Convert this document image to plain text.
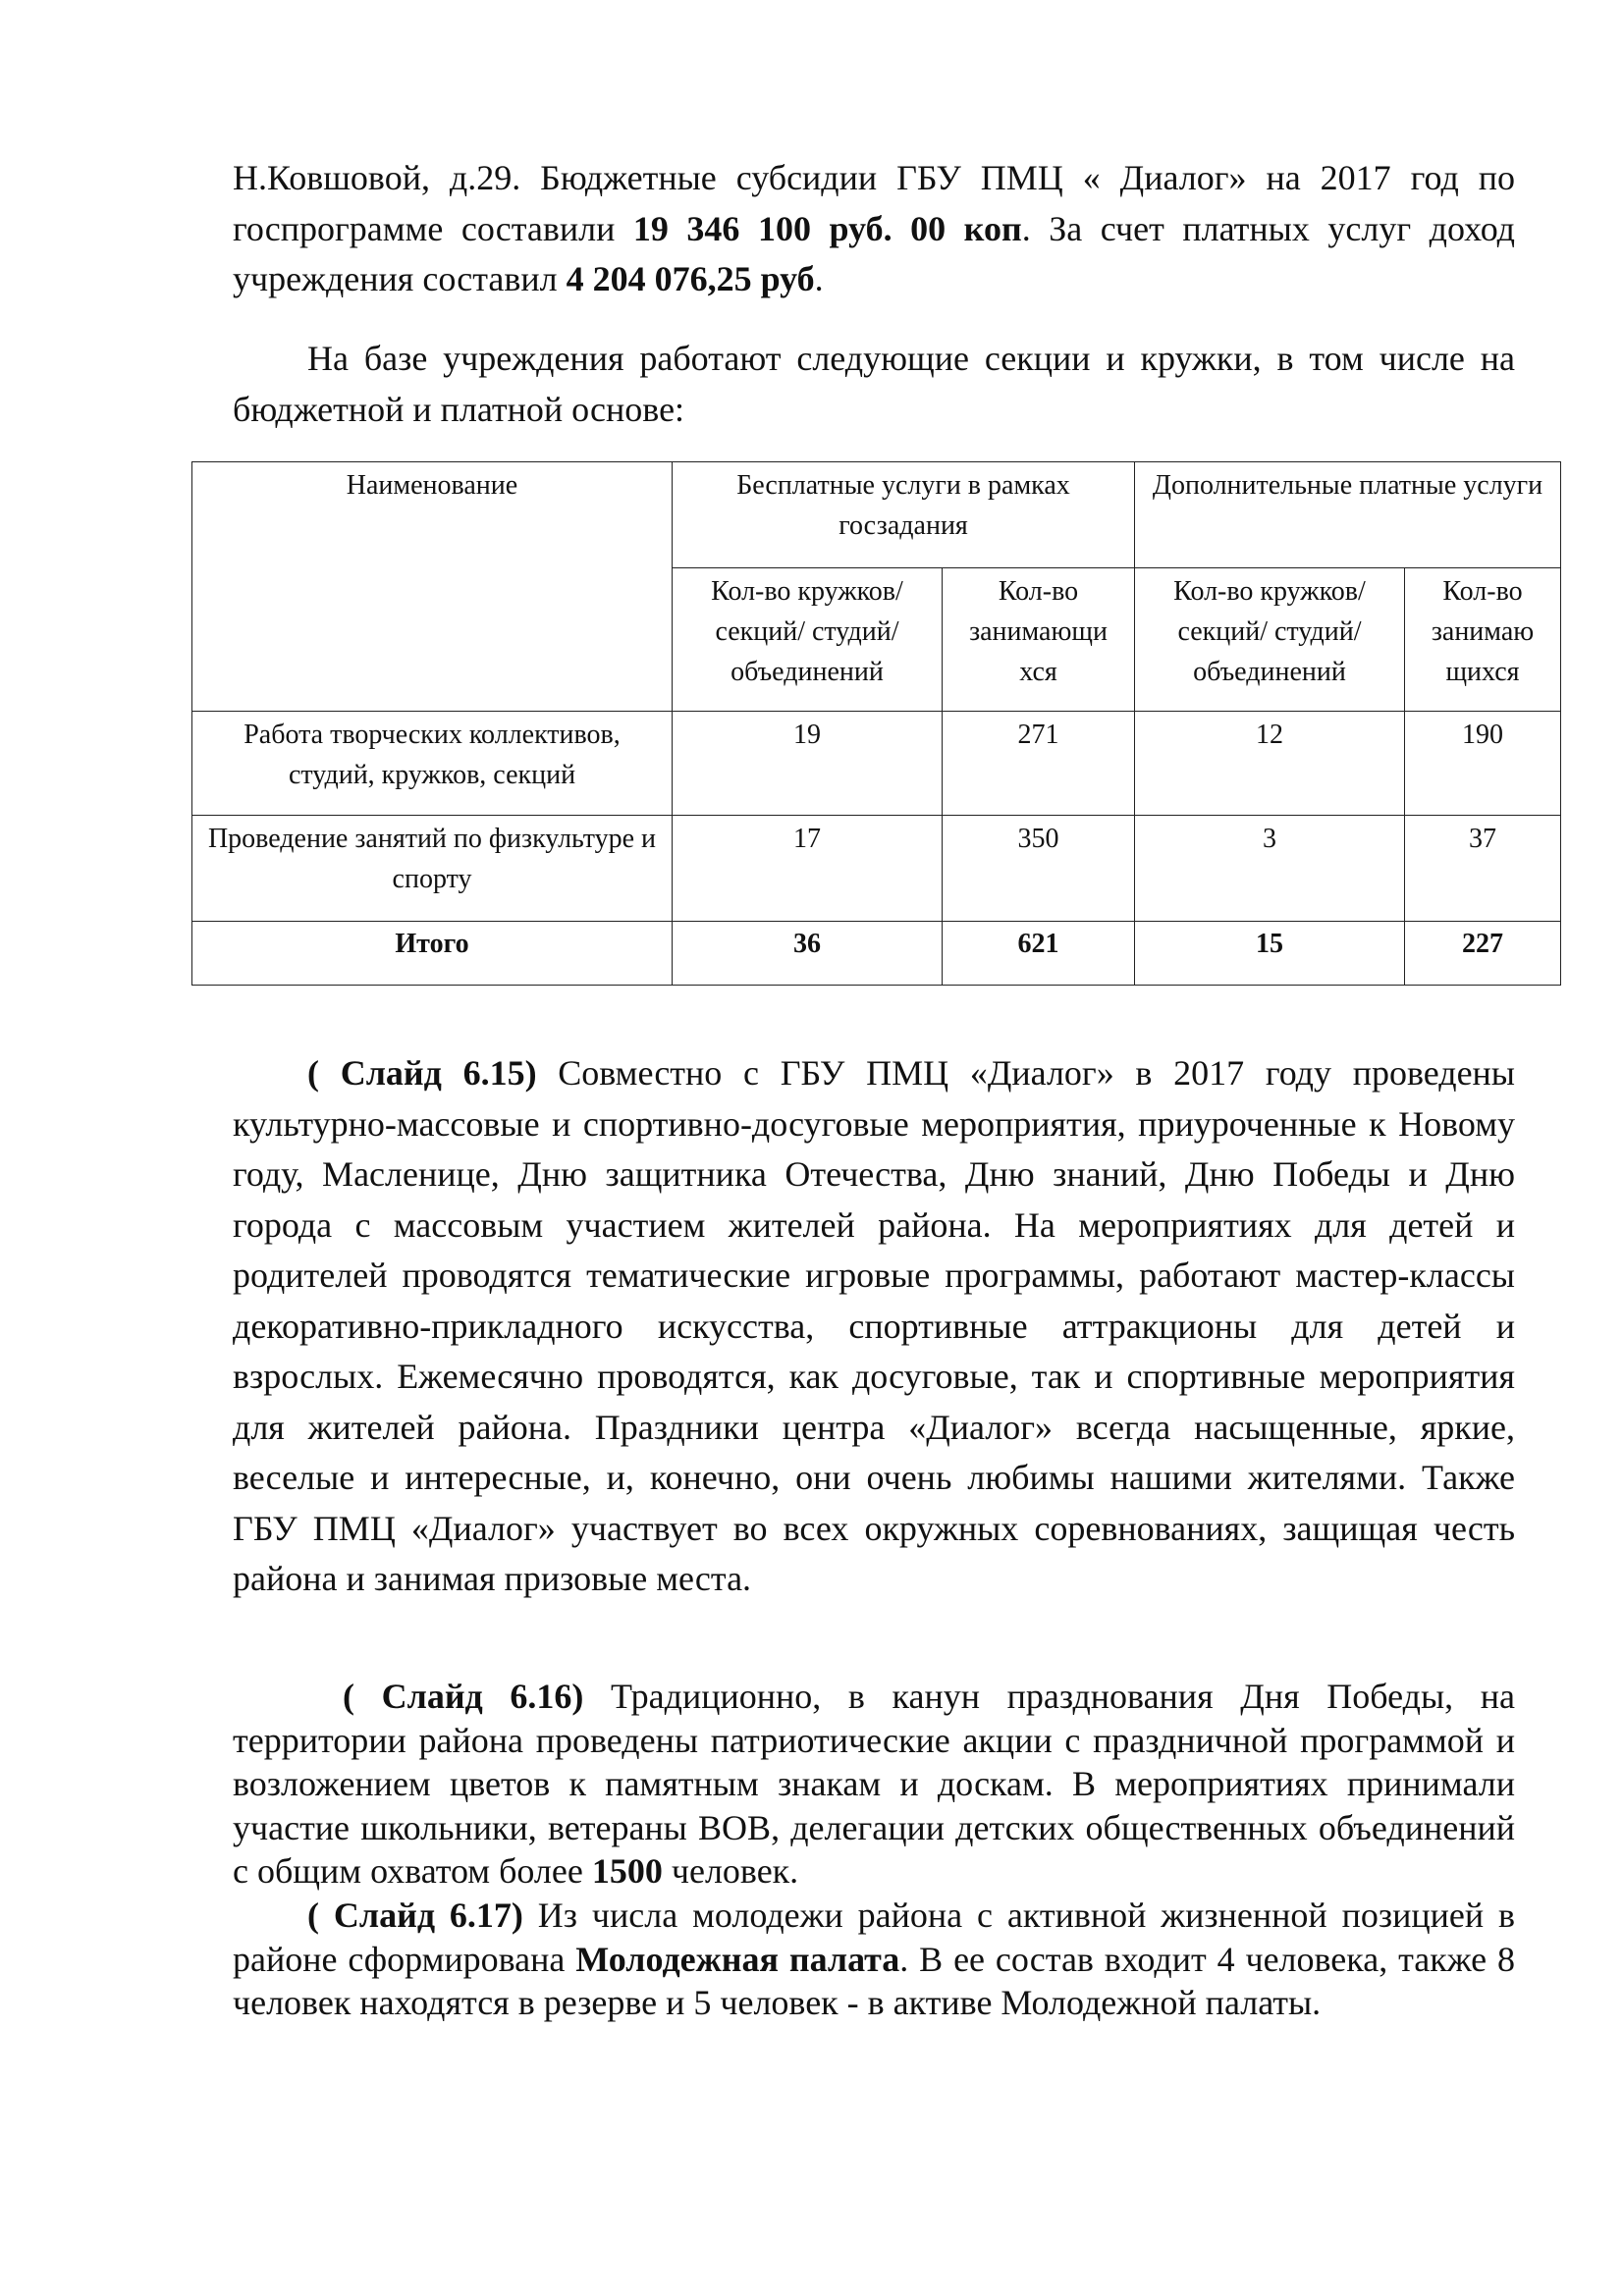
Н.Ковшовой, д.29. Бюджетные субсидии ГБУ ПМЦ « Диалог» на 2017 год по госпрограмме составили 19 346 100 руб. 00 коп. За счет платных услуг доход учреждения составил 4 204 076,25 руб.

На базе учреждения работают следующие секции и кружки, в том числе на бюджетной и платной основе:

Наименование	Бесплатные услуги в рамках госзадания		Дополнительные платные услуги	
	Кол-во кружков/ секций/ студий/ объединений	Кол-во занимающи хся	Кол-во кружков/ секций/ студий/ объединений	Кол-во занимаю щихся
Работа творческих коллективов, студий, кружков, секций	19	271	12	190
Проведение занятий по физкультуре и спорту	17	350	3	37
Итого	36	621	15	227

( Слайд 6.15) Совместно с ГБУ ПМЦ «Диалог» в 2017 году проведены культурно-массовые и спортивно-досуговые мероприятия, приуроченные к Новому году, Масленице, Дню защитника Отечества, Дню знаний, Дню Победы и Дню города с массовым участием жителей района. На мероприятиях для детей и родителей проводятся тематические игровые программы, работают мастер-классы декоративно-прикладного искусства, спортивные аттракционы для детей и взрослых. Ежемесячно проводятся, как досуговые, так и спортивные мероприятия для жителей района. Праздники центра «Диалог» всегда насыщенные, яркие, веселые и интересные, и, конечно, они очень любимы нашими жителями. Также ГБУ ПМЦ «Диалог» участвует во всех окружных соревнованиях, защищая честь района и занимая призовые места.

( Слайд 6.16) Традиционно, в канун празднования Дня Победы, на территории района проведены патриотические акции с праздничной программой и возложением цветов к памятным знакам и доскам. В мероприятиях принимали участие школьники, ветераны ВОВ, делегации детских общественных объединений с общим охватом более 1500 человек.

( Слайд 6.17) Из числа молодежи района с активной жизненной позицией в районе сформирована Молодежная палата. В ее состав входит 4 человека, также 8 человек находятся в резерве и 5 человек - в активе Молодежной палаты.
